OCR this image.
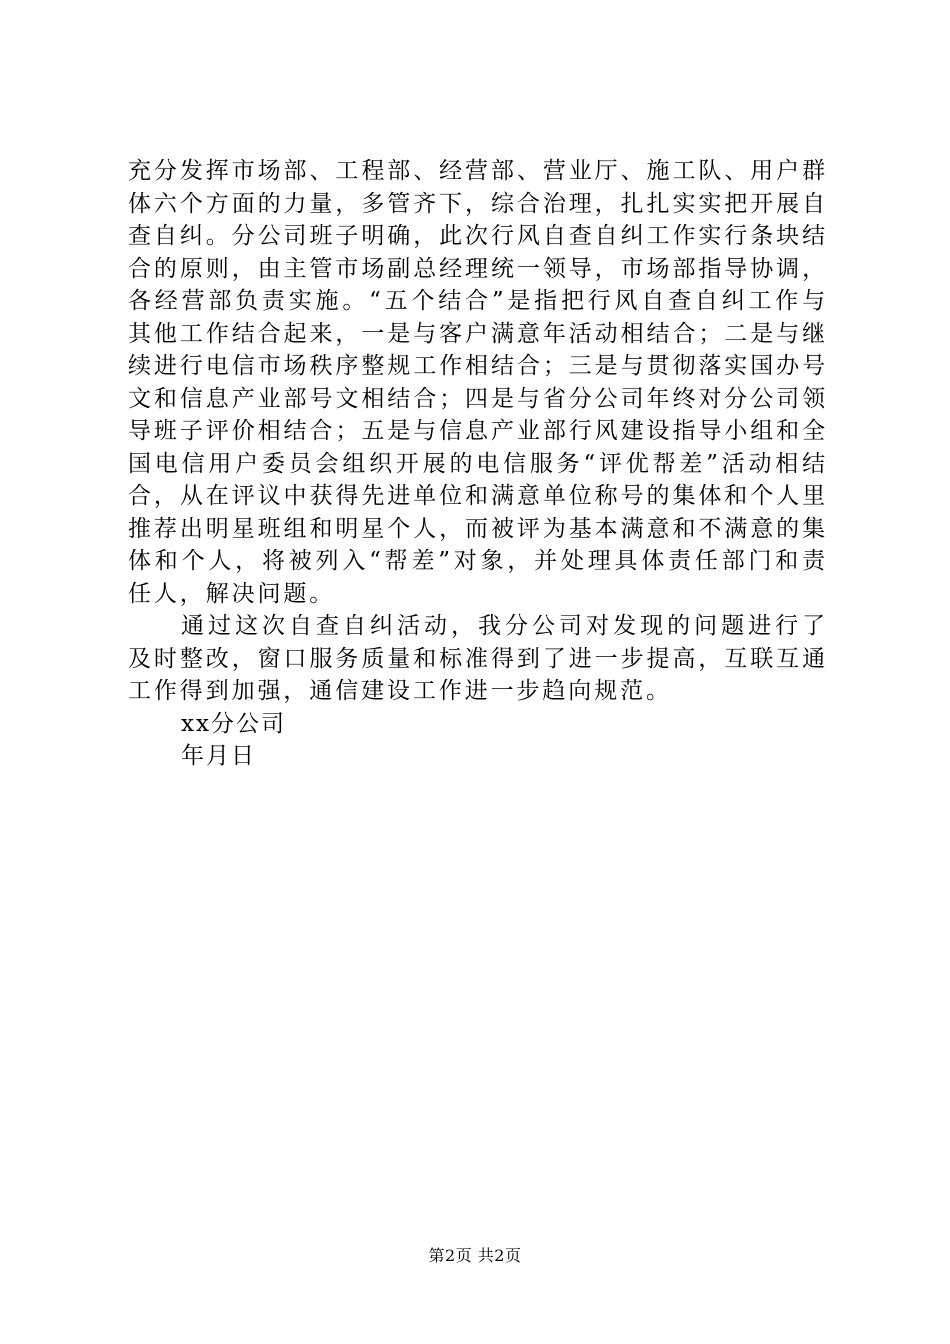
充分发挥市场部、工程部、经营部、营业厅、施工队、用户群体六个方面的力量，多管齐下，综合治理，扎扎实实把开展自查自纠。分公司班子明确，此次行风自查自纠工作实行条块结合的原则，由主管市场副总经理统一领导，市场部指导协调，各经营部负责实施。“五个结合”是指把行风自查自纠工作与其他工作结合起来，一是与客户满意年活动相结合；二是与继续进行电信市场秩序整规工作相结合；三是与贯彻落实国办号文和信息产业部号文相结合；四是与省分公司年终对分公司领导班子评价相结合；五是与信息产业部行风建设指导小组和全国电信用户委员会组织开展的电信服务“评优帮差”活动相结合，从在评议中获得先进单位和满意单位称号的集体和个人里推荐出明星班组和明星个人，而被评为基本满意和不满意的集体和个人，将被列入“帮差”对象，并处理具体责任部门和责任人，解决问题。

通过这次自查自纠活动，我分公司对发现的问题进行了及时整改，窗口服务质量和标准得到了进一步提高，互联互通工作得到加强，通信建设工作进一步趋向规范。

xx分公司

年月日

第2页 共2页
